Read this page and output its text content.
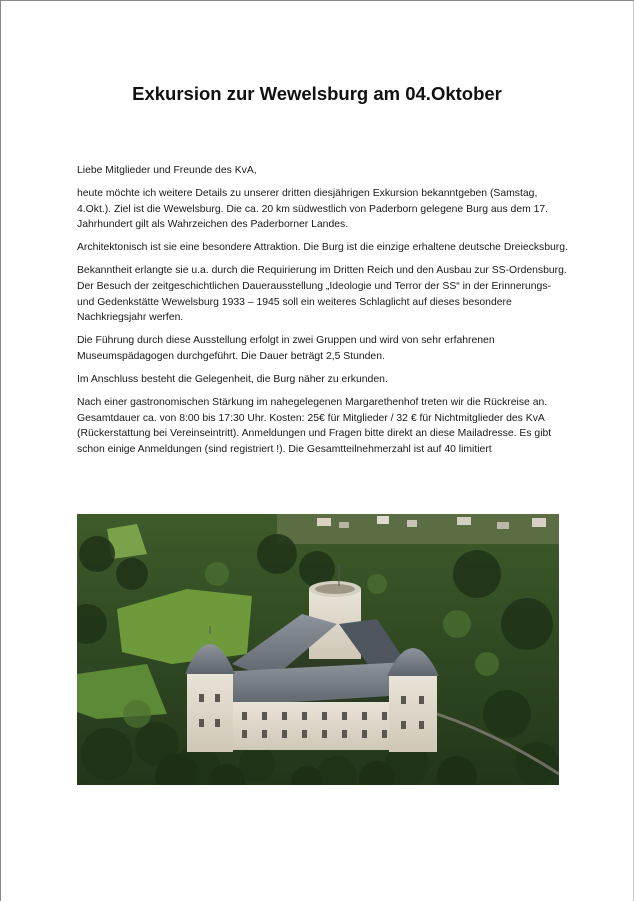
Exkursion zur Wewelsburg am 04.Oktober

Liebe Mitglieder und Freunde des KvA,

heute möchte ich weitere Details zu unserer dritten diesjährigen Exkursion bekanntgeben (Samstag, 4.Okt.). Ziel ist die Wewelsburg. Die ca. 20 km südwestlich von Paderborn gelegene Burg aus dem 17. Jahrhundert gilt als Wahrzeichen des Paderborner Landes.

Architektonisch ist sie eine besondere Attraktion. Die Burg ist die einzige erhaltene deutsche Dreiecksburg.

Bekanntheit erlangte sie u.a. durch die Requirierung im Dritten Reich und den Ausbau zur SS-Ordensburg. Der Besuch der zeitgeschichtlichen Dauerausstellung „Ideologie und Terror der SS“ in der Erinnerungs- und Gedenkstätte Wewelsburg 1933 – 1945 soll ein weiteres Schlaglicht auf dieses besondere Nachkriegsjahr werfen.

Die Führung durch diese Ausstellung erfolgt in zwei Gruppen und wird von sehr erfahrenen Museumspädagogen durchgeführt. Die Dauer beträgt 2,5 Stunden.

Im Anschluss besteht die Gelegenheit, die Burg näher zu erkunden.

Nach einer gastronomischen Stärkung im nahegelegenen Margarethenhof treten wir die Rückreise an. Gesamtdauer ca. von 8:00 bis 17:30 Uhr. Kosten: 25€ für Mitglieder / 32 € für Nichtmitglieder des KvA (Rückerstattung bei Vereinseintritt). Anmeldungen und Fragen bitte direkt an diese Mailadresse. Es gibt schon einige Anmeldungen (sind registriert !). Die Gesamtteilnehmerzahl ist auf 40 limitiert
